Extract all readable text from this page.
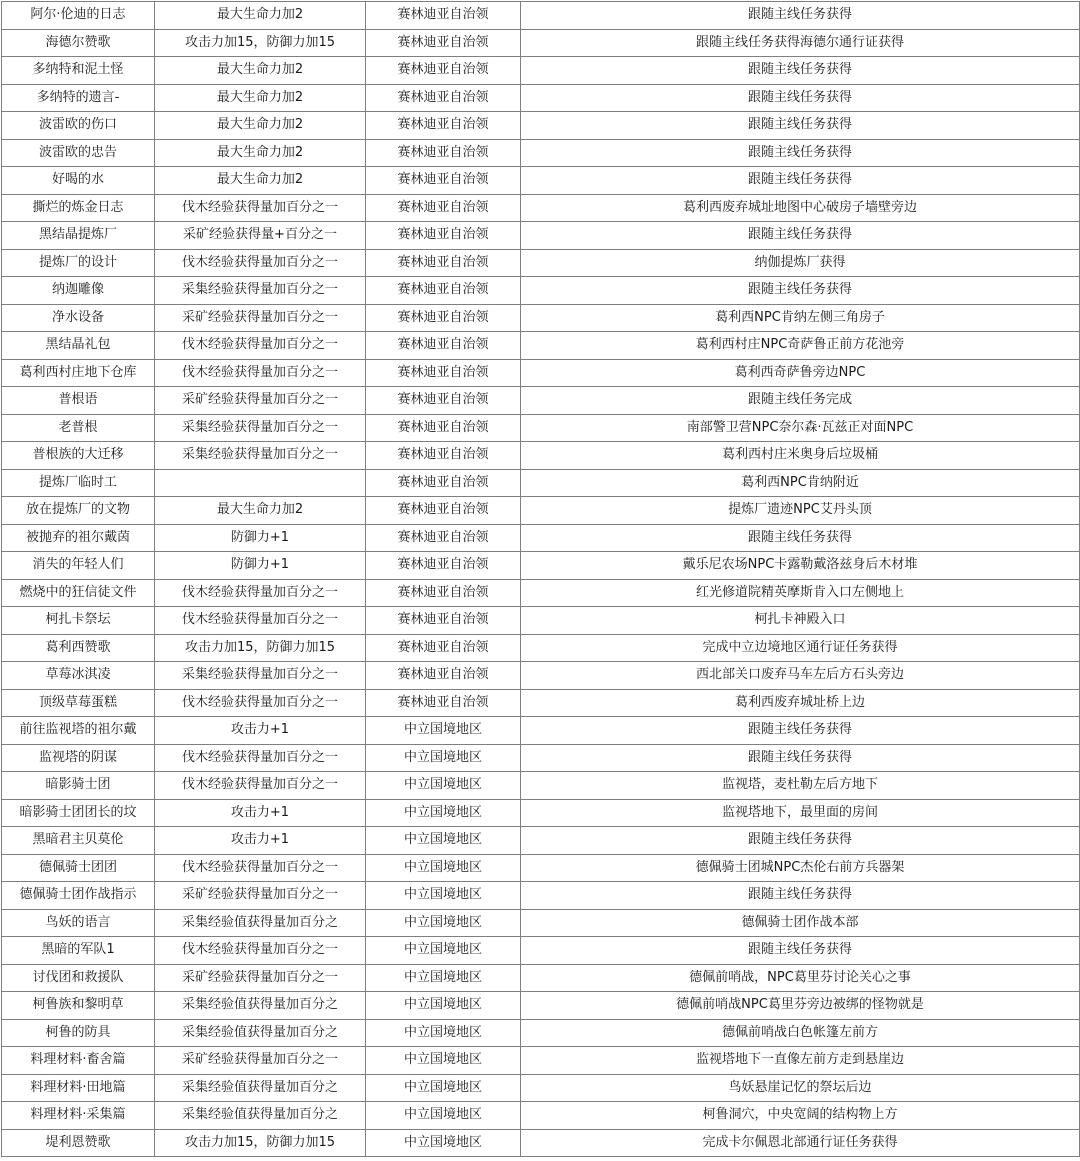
阿尔·伦迪的日志	最大生命力加2	赛林迪亚自治领	跟随主线任务获得
海德尔赞歌	攻击力加15，防御力加15	赛林迪亚自治领	跟随主线任务获得海德尔通行证获得
多纳特和泥土怪	最大生命力加2	赛林迪亚自治领	跟随主线任务获得
多纳特的遗言-	最大生命力加2	赛林迪亚自治领	跟随主线任务获得
波雷欧的伤口	最大生命力加2	赛林迪亚自治领	跟随主线任务获得
波雷欧的忠告	最大生命力加2	赛林迪亚自治领	跟随主线任务获得
好喝的水	最大生命力加2	赛林迪亚自治领	跟随主线任务获得
撕烂的炼金日志	伐木经验获得量加百分之一	赛林迪亚自治领	葛利西废弃城址地图中心破房子墙壁旁边
黑结晶提炼厂	采矿经验获得量+百分之一	赛林迪亚自治领	跟随主线任务获得
提炼厂的设计	伐木经验获得量加百分之一	赛林迪亚自治领	纳伽提炼厂获得
纳迦雕像	采集经验获得量加百分之一	赛林迪亚自治领	跟随主线任务获得
净水设备	采矿经验获得量加百分之一	赛林迪亚自治领	葛利西NPC肯纳左侧三角房子
黑结晶礼包	伐木经验获得量加百分之一	赛林迪亚自治领	葛利西村庄NPC奇萨鲁正前方花池旁
葛利西村庄地下仓库	伐木经验获得量加百分之一	赛林迪亚自治领	葛利西奇萨鲁旁边NPC
普根语	采矿经验获得量加百分之一	赛林迪亚自治领	跟随主线任务完成
老普根	采集经验获得量加百分之一	赛林迪亚自治领	南部警卫营NPC奈尔森·瓦兹正对面NPC
普根族的大迁移	采集经验获得量加百分之一	赛林迪亚自治领	葛利西村庄米奥身后垃圾桶
提炼厂临时工		赛林迪亚自治领	葛利西NPC肯纳附近
放在提炼厂的文物	最大生命力加2	赛林迪亚自治领	提炼厂遗迹NPC艾丹头顶
被抛弃的祖尔戴茵	防御力+1	赛林迪亚自治领	跟随主线任务获得
消失的年轻人们	防御力+1	赛林迪亚自治领	戴乐尼农场NPC卡露勒戴洛兹身后木材堆
燃烧中的狂信徒文件	伐木经验获得量加百分之一	赛林迪亚自治领	红光修道院精英摩斯肯入口左侧地上
柯扎卡祭坛	伐木经验获得量加百分之一	赛林迪亚自治领	柯扎卡神殿入口
葛利西赞歌	攻击力加15，防御力加15	赛林迪亚自治领	完成中立边境地区通行证任务获得
草莓冰淇凌	采集经验获得量加百分之一	赛林迪亚自治领	西北部关口废弃马车左后方石头旁边
顶级草莓蛋糕	伐木经验获得量加百分之一	赛林迪亚自治领	葛利西废弃城址桥上边
前往监视塔的祖尔戴	攻击力+1	中立国境地区	跟随主线任务获得
监视塔的阴谋	伐木经验获得量加百分之一	中立国境地区	跟随主线任务获得
暗影骑士团	伐木经验获得量加百分之一	中立国境地区	监视塔，麦杜勒左后方地下
暗影骑士团团长的坟	攻击力+1	中立国境地区	监视塔地下，最里面的房间
黑暗君主贝莫伦	攻击力+1	中立国境地区	跟随主线任务获得
德佩骑士团团	伐木经验获得量加百分之一	中立国境地区	德佩骑士团城NPC杰伦右前方兵器架
德佩骑士团作战指示	采矿经验获得量加百分之一	中立国境地区	跟随主线任务获得
鸟妖的语言	采集经验值获得量加百分之	中立国境地区	德佩骑士团作战本部
黑暗的军队1	伐木经验获得量加百分之一	中立国境地区	跟随主线任务获得
讨伐团和救援队	采矿经验获得量加百分之一	中立国境地区	德佩前哨战，NPC葛里芬讨论关心之事
柯鲁族和黎明草	采集经验值获得量加百分之	中立国境地区	德佩前哨战NPC葛里芬旁边被绑的怪物就是
柯鲁的防具	采集经验值获得量加百分之	中立国境地区	德佩前哨战白色帐篷左前方
料理材料·畜舍篇	采矿经验获得量加百分之一	中立国境地区	监视塔地下一直像左前方走到悬崖边
料理材料·田地篇	采集经验值获得量加百分之	中立国境地区	鸟妖悬崖记忆的祭坛后边
料理材料·采集篇	采集经验值获得量加百分之	中立国境地区	柯鲁洞穴，中央宽阔的结构物上方
堤利恩赞歌	攻击力加15，防御力加15	中立国境地区	完成卡尔佩恩北部通行证任务获得
